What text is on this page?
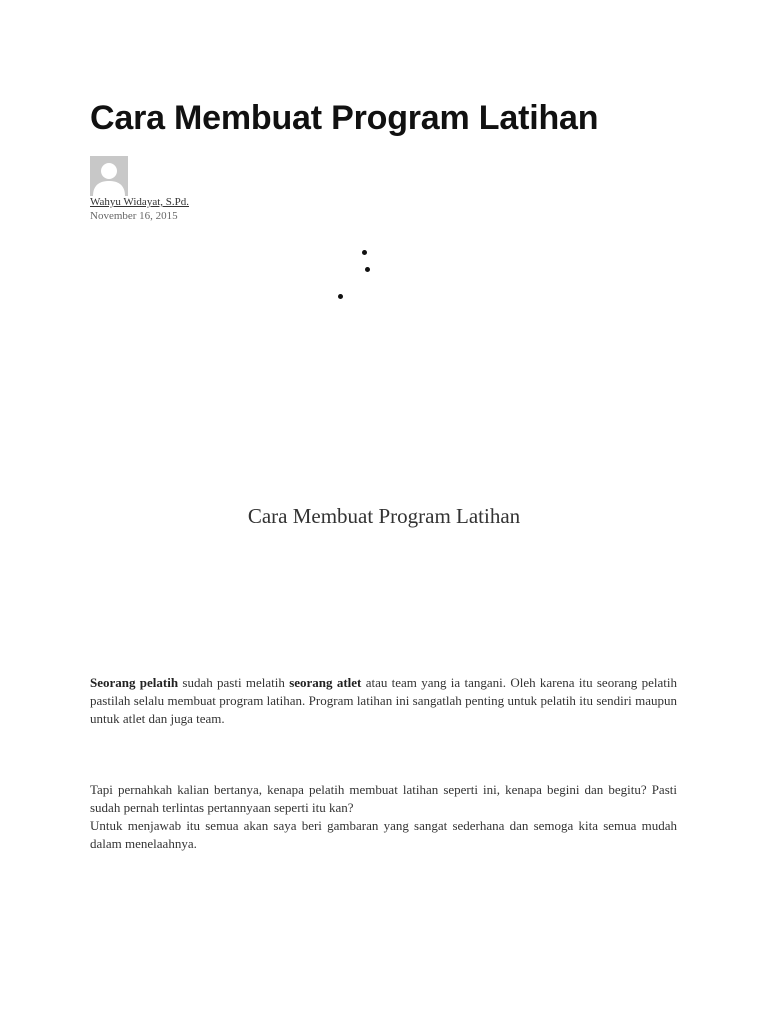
Cara Membuat Program Latihan
Wahyu Widayat, S.Pd.
November 16, 2015
Cara Membuat Program Latihan

Seorang pelatih sudah pasti melatih seorang atlet atau team yang ia tangani. Oleh karena itu seorang pelatih pastilah selalu membuat program latihan. Program latihan ini sangatlah penting untuk pelatih itu sendiri maupun untuk atlet dan juga team.

Tapi pernahkah kalian bertanya, kenapa pelatih membuat latihan seperti ini, kenapa begini dan begitu? Pasti sudah pernah terlintas pertannyaan seperti itu kan?
Untuk menjawab itu semua akan saya beri gambaran yang sangat sederhana dan semoga kita semua mudah dalam menelaahnya.
